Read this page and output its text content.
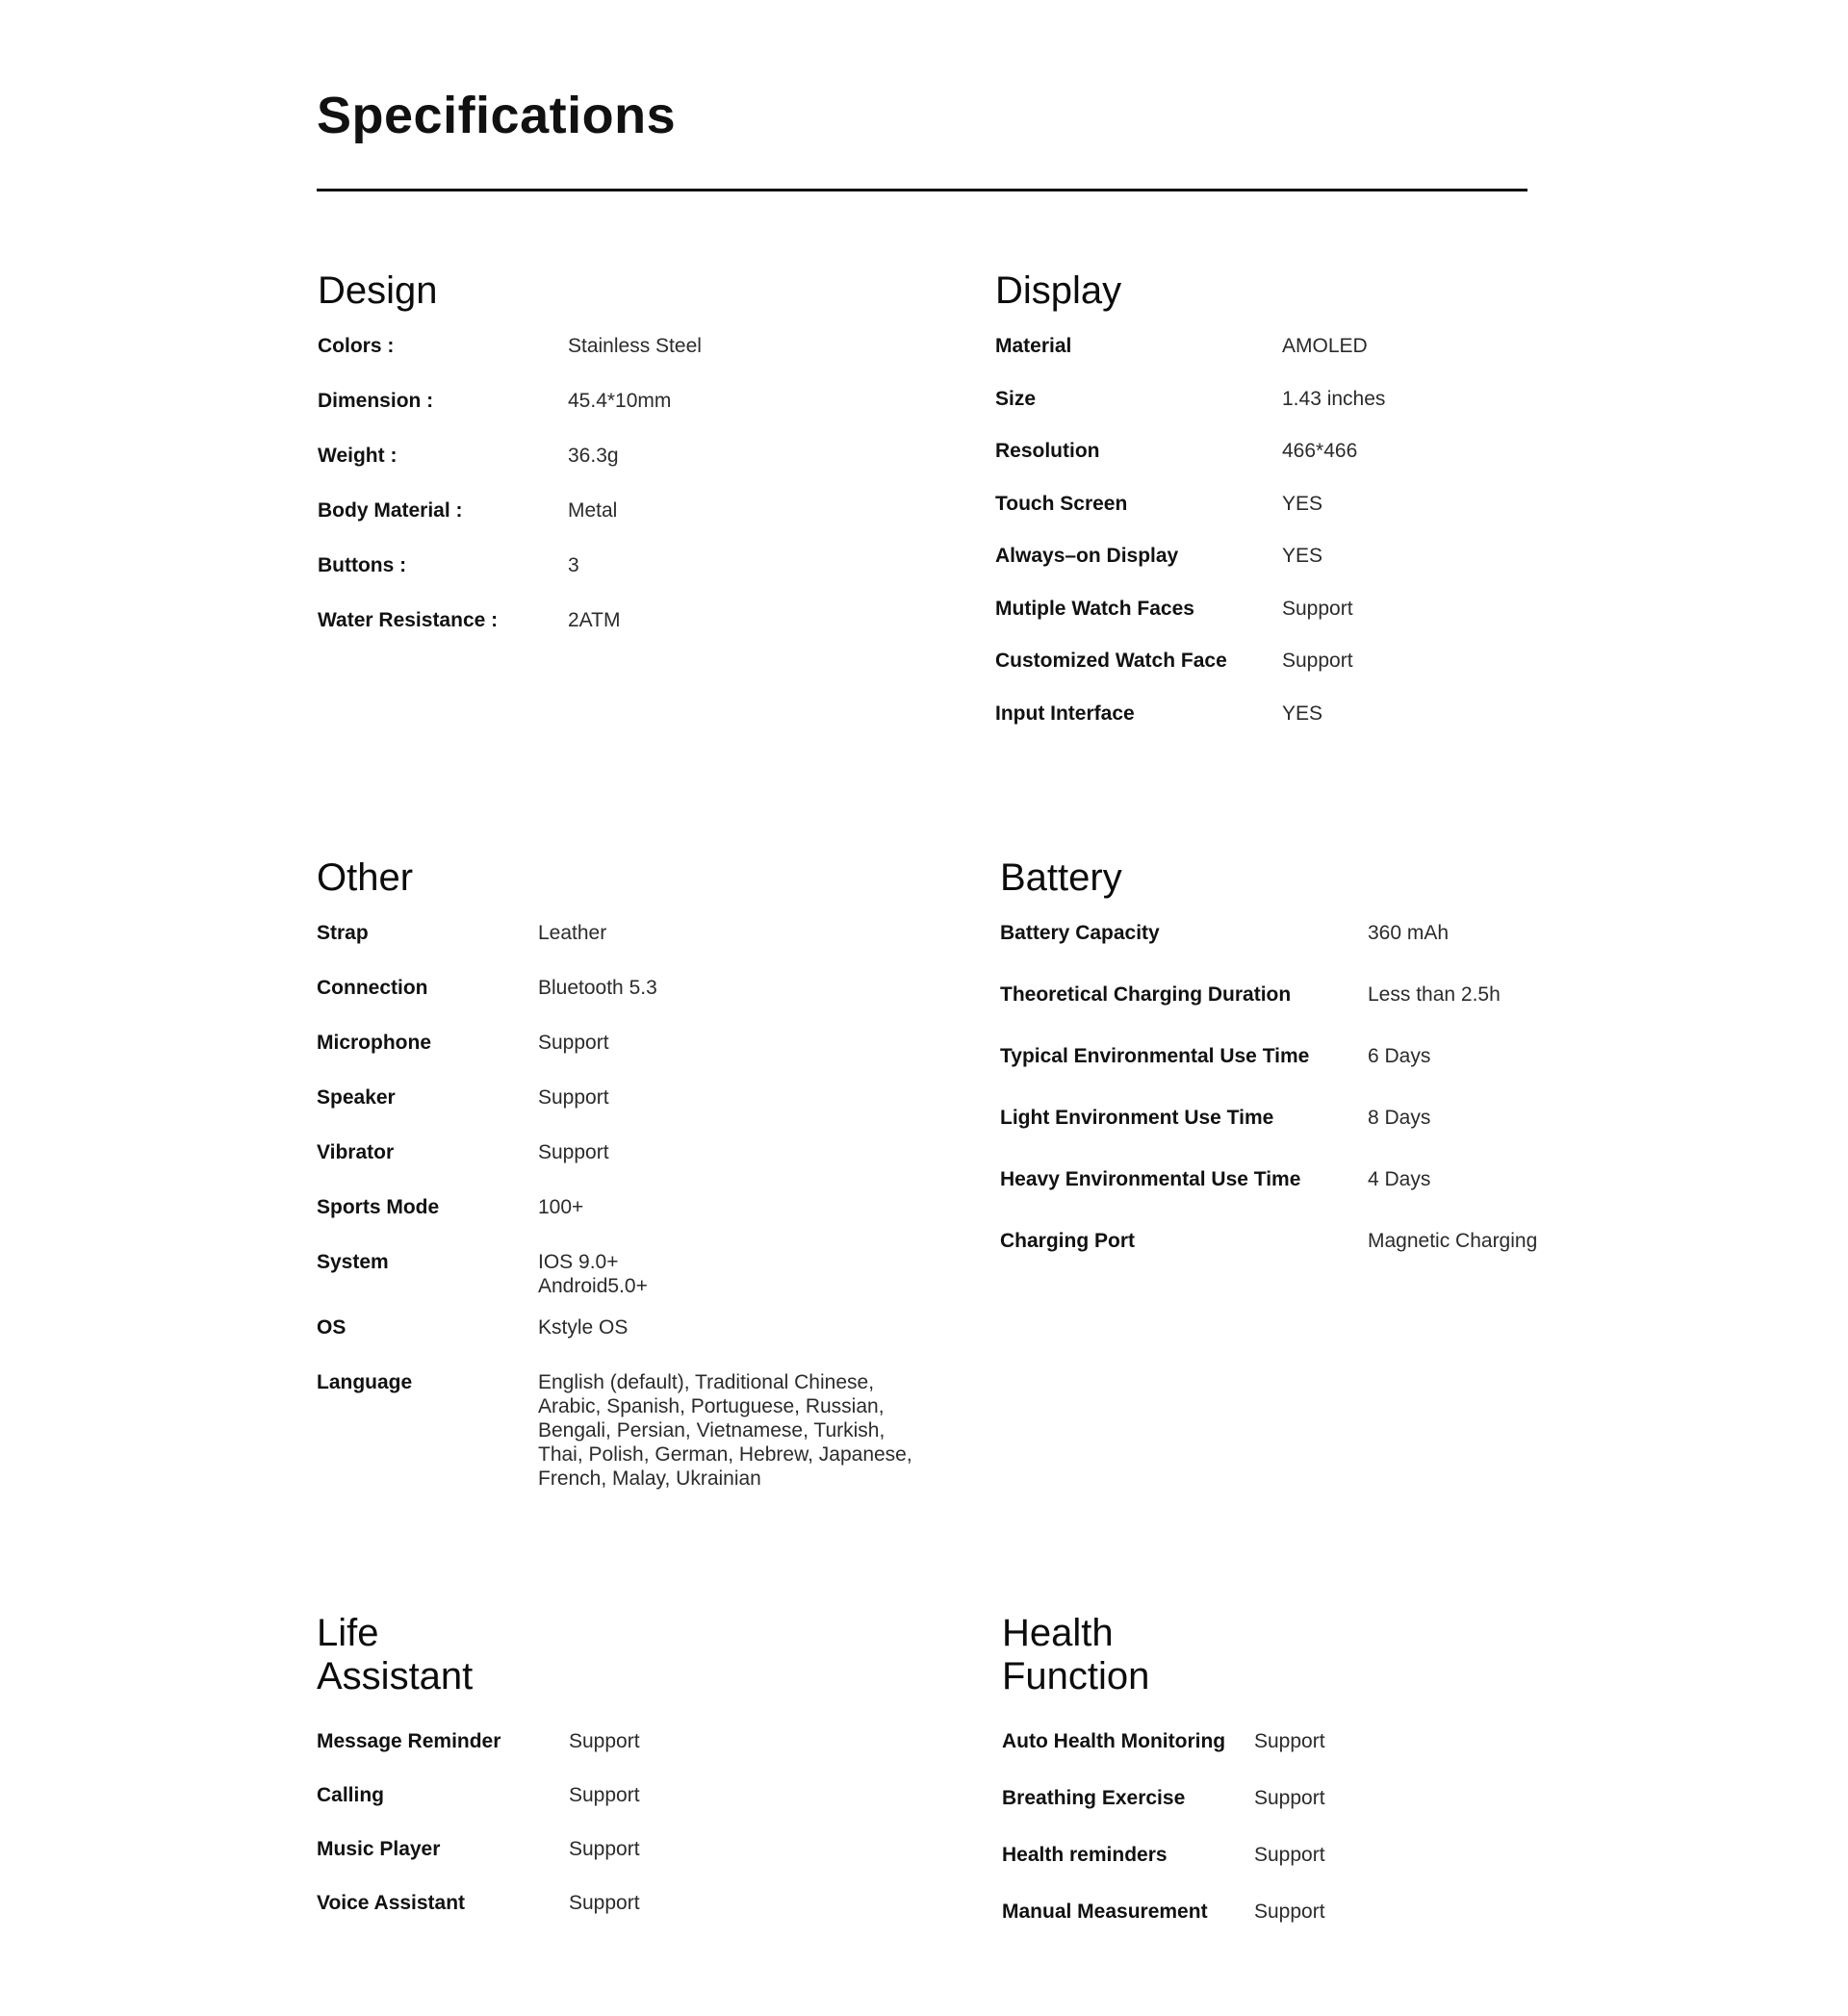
Specifications
Design
Colors :	Stainless Steel
Dimension :	45.4*10mm
Weight :	36.3g
Body Material :	Metal
Buttons :	3
Water Resistance :	2ATM
Display
Material	AMOLED
Size	1.43 inches
Resolution	466*466
Touch Screen	YES
Always–on Display	YES
Mutiple Watch Faces	Support
Customized Watch Face	Support
Input Interface	YES
Other
Strap	Leather
Connection	Bluetooth 5.3
Microphone	Support
Speaker	Support
Vibrator	Support
Sports Mode	100+
System	IOS 9.0+
Android5.0+
OS	Kstyle OS
Language	English (default), Traditional Chinese,
Arabic, Spanish, Portuguese, Russian,
Bengali, Persian, Vietnamese, Turkish,
Thai, Polish, German, Hebrew, Japanese,
French, Malay, Ukrainian
Battery
Battery Capacity	360 mAh
Theoretical Charging Duration	Less than 2.5h
Typical Environmental Use Time	6 Days
Light Environment Use Time	8 Days
Heavy Environmental Use Time	4 Days
Charging Port	Magnetic Charging
Life
Assistant
Message Reminder	Support
Calling	Support
Music Player	Support
Voice Assistant	Support
Health
Function
Auto Health Monitoring	Support
Breathing Exercise	Support
Health reminders	Support
Manual Measurement	Support
